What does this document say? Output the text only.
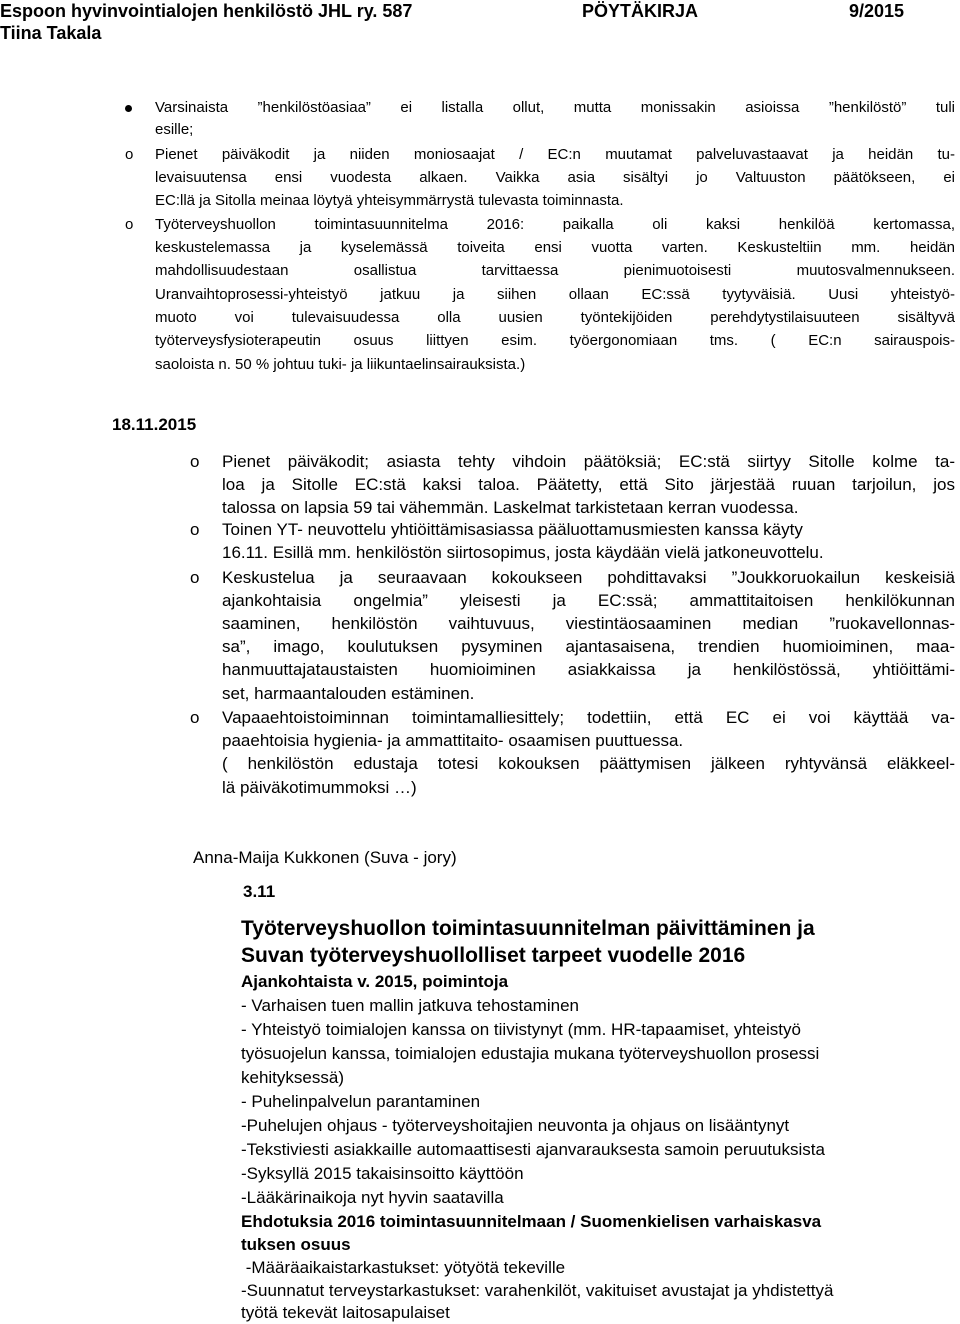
Espoon hyvinvointialojen henkilöstö JHL ry. 587	PÖYTÄKIRJA	9/2015
Tiina Takala
Varsinaista ”henkilöstöasiaa” ei listalla ollut, mutta monissakin asioissa ”henkilöstö” tuli
esille;
o Pienet päiväkodit ja niiden moniosaajat / EC:n muutamat palveluvastaavat ja heidän tu-
levaisuutensa ensi vuodesta alkaen. Vaikka asia sisältyi jo Valtuuston päätökseen, ei
EC:llä ja Sitolla meinaa löytyä yhteisymmärrystä tulevasta toiminnasta.
o Työterveyshuollon toimintasuunnitelma 2016: paikalla oli kaksi henkilöä kertomassa,
keskustelemassa ja kyselemässä toiveita ensi vuotta varten. Keskusteltiin mm. heidän
mahdollisuudestaan osallistua tarvittaessa pienimuotoisesti muutosvalmennukseen.
Uranvaihtoprosessi-yhteistyö jatkuu ja siihen ollaan EC:ssä tyytyväisiä. Uusi yhteistyö-
muoto voi tulevaisuudessa olla uusien työntekijöiden perehdytystilaisuuteen sisältyvä
työterveysfysioterapeutin osuus liittyen esim. työergonomiaan tms. ( EC:n sairauspois-
saoloista n. 50 % johtuu tuki- ja liikuntaelinsairauksista.)
18.11.2015
o Pienet päiväkodit; asiasta tehty vihdoin päätöksiä; EC:stä siirtyy Sitolle kolme ta-
loa ja Sitolle EC:stä kaksi taloa. Päätetty, että Sito järjestää ruuan tarjoilun, jos
talossa on lapsia 59 tai vähemmän. Laskelmat tarkistetaan kerran vuodessa.
o Toinen YT- neuvottelu yhtiöittämisasiassa pääluottamusmiesten kanssa käyty
16.11. Esillä mm. henkilöstön siirtosopimus, josta käydään vielä jatkoneuvottelu.
o Keskustelua ja seuraavaan kokoukseen pohdittavaksi ”Joukkoruokailun keskeisiä
ajankohtaisia ongelmia” yleisesti ja EC:ssä; ammattitaitoisen henkilökunnan
saaminen, henkilöstön vaihtuvuus, viestintäosaaminen median ”ruokavellonnas-
sa”, imago, koulutuksen pysyminen ajantasaisena, trendien huomioiminen, maa-
hanmuuttajataustaisten huomioiminen asiakkaissa ja henkilöstössä, yhtiöittämi-
set, harmaantalouden estäminen.
o Vapaaehtoistoiminnan toimintamalliesittely; todettiin, että EC ei voi käyttää va-
paaehtoisia hygienia- ja ammattitaito- osaamisen puuttuessa.
( henkilöstön edustaja totesi kokouksen päättymisen jälkeen ryhtyvänsä eläkkeel-
lä päiväkotimummoksi …)
Anna-Maija Kukkonen (Suva - jory)
3.11
Työterveyshuollon toimintasuunnitelman päivittäminen ja
Suvan työterveyshuollolliset tarpeet vuodelle 2016
Ajankohtaista v. 2015, poimintoja
- Varhaisen tuen mallin jatkuva tehostaminen
- Yhteistyö toimialojen kanssa on tiivistynyt (mm. HR-tapaamiset, yhteistyö
työsuojelun kanssa, toimialojen edustajia mukana työterveyshuollon prosessi
kehityksessä)
- Puhelinpalvelun parantaminen
-Puhelujen ohjaus - työterveyshoitajien neuvonta ja ohjaus on lisääntynyt
-Tekstiviesti asiakkaille automaattisesti ajanvarauksesta samoin peruutuksista
-Syksyllä 2015 takaisinsoitto käyttöön
-Lääkärinaikoja nyt hyvin saatavilla
Ehdotuksia 2016 toimintasuunnitelmaan / Suomenkielisen varhaiskasva
tuksen osuus
-Määräaikaistarkastukset: yötyötä tekeville
-Suunnatut terveystarkastukset: varahenkilöt, vakituiset avustajat ja yhdistettyä
työtä tekevät laitosapulaiset
